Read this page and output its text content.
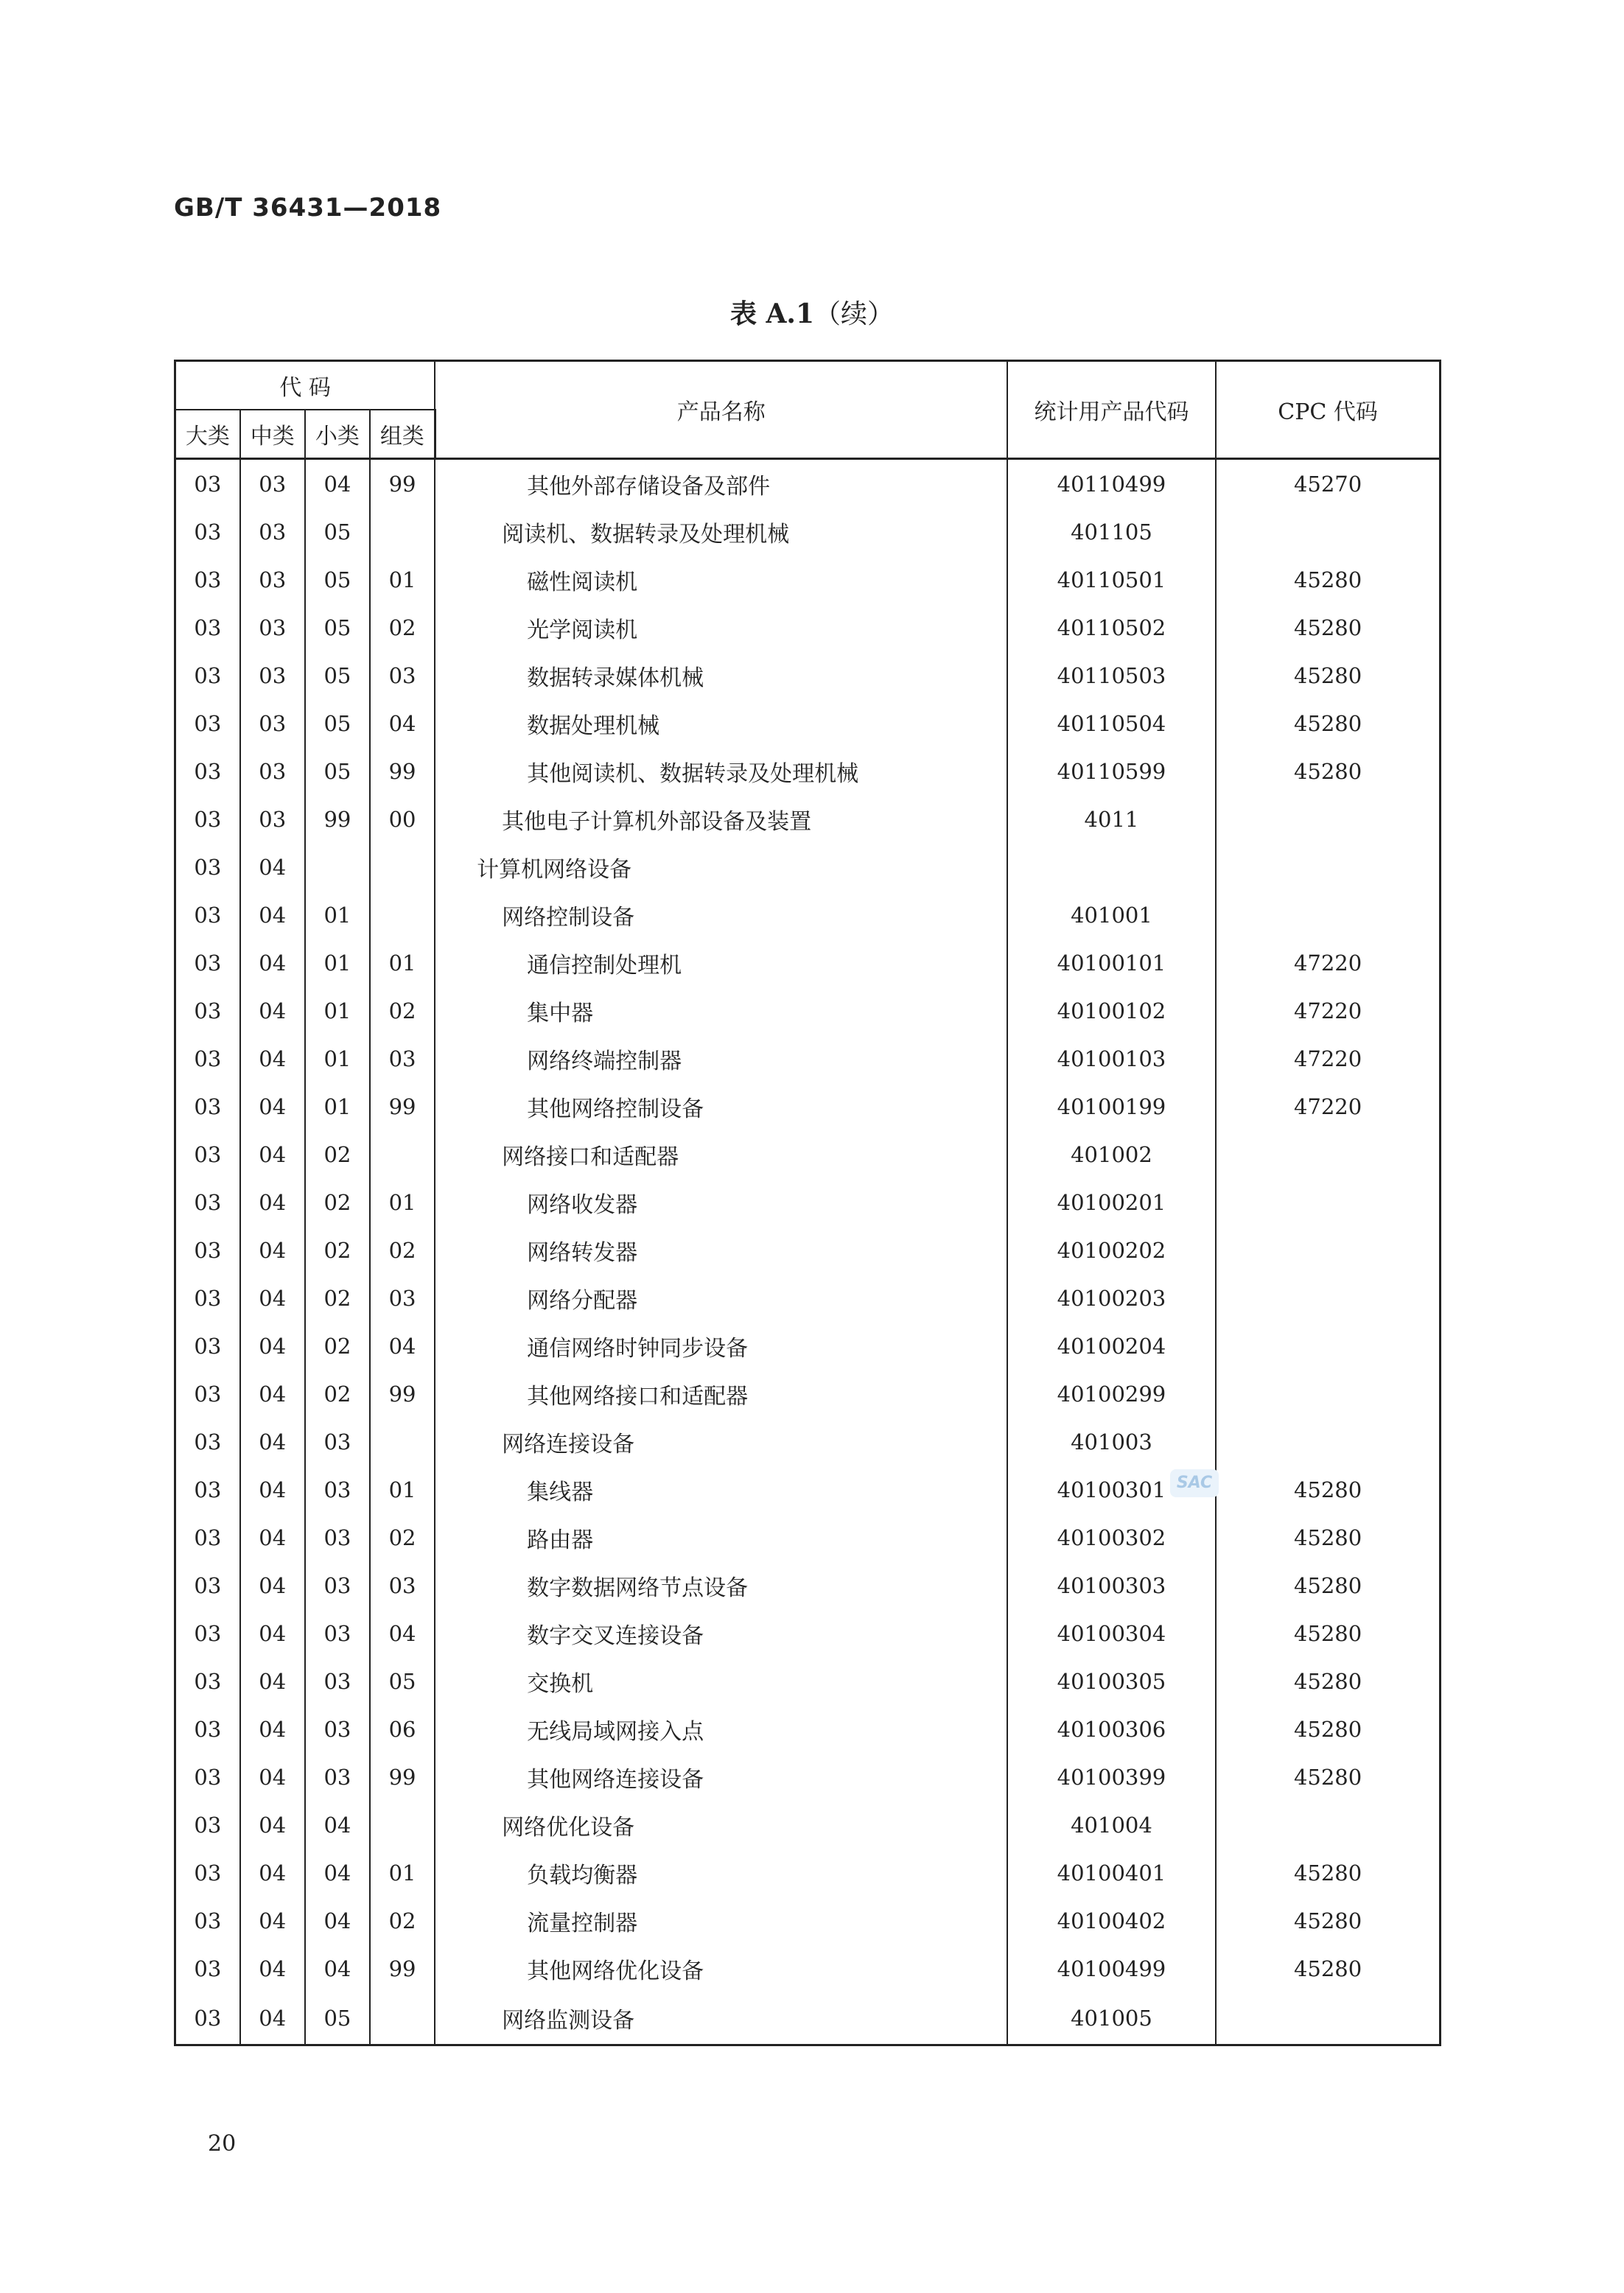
GB/T 36431—2018
表 A.1（续）
代 码				产品名称	统计用产品代码	CPC 代码
大类	中类	小类	组类			
03	03	04	99	其他外部存储设备及部件	40110499	45270
03	03	05		阅读机、数据转录及处理机械	401105	
03	03	05	01	磁性阅读机	40110501	45280
03	03	05	02	光学阅读机	40110502	45280
03	03	05	03	数据转录媒体机械	40110503	45280
03	03	05	04	数据处理机械	40110504	45280
03	03	05	99	其他阅读机、数据转录及处理机械	40110599	45280
03	03	99	00	其他电子计算机外部设备及装置	4011	
03	04			计算机网络设备		
03	04	01		网络控制设备	401001	
03	04	01	01	通信控制处理机	40100101	47220
03	04	01	02	集中器	40100102	47220
03	04	01	03	网络终端控制器	40100103	47220
03	04	01	99	其他网络控制设备	40100199	47220
03	04	02		网络接口和适配器	401002	
03	04	02	01	网络收发器	40100201	
03	04	02	02	网络转发器	40100202	
03	04	02	03	网络分配器	40100203	
03	04	02	04	通信网络时钟同步设备	40100204	
03	04	02	99	其他网络接口和适配器	40100299	
03	04	03		网络连接设备	401003	
03	04	03	01	集线器	40100301	45280
03	04	03	02	路由器	40100302	45280
03	04	03	03	数字数据网络节点设备	40100303	45280
03	04	03	04	数字交叉连接设备	40100304	45280
03	04	03	05	交换机	40100305	45280
03	04	03	06	无线局域网接入点	40100306	45280
03	04	03	99	其他网络连接设备	40100399	45280
03	04	04		网络优化设备	401004	
03	04	04	01	负载均衡器	40100401	45280
03	04	04	02	流量控制器	40100402	45280
03	04	04	99	其他网络优化设备	40100499	45280
03	04	05		网络监测设备	401005	
SAC
20
